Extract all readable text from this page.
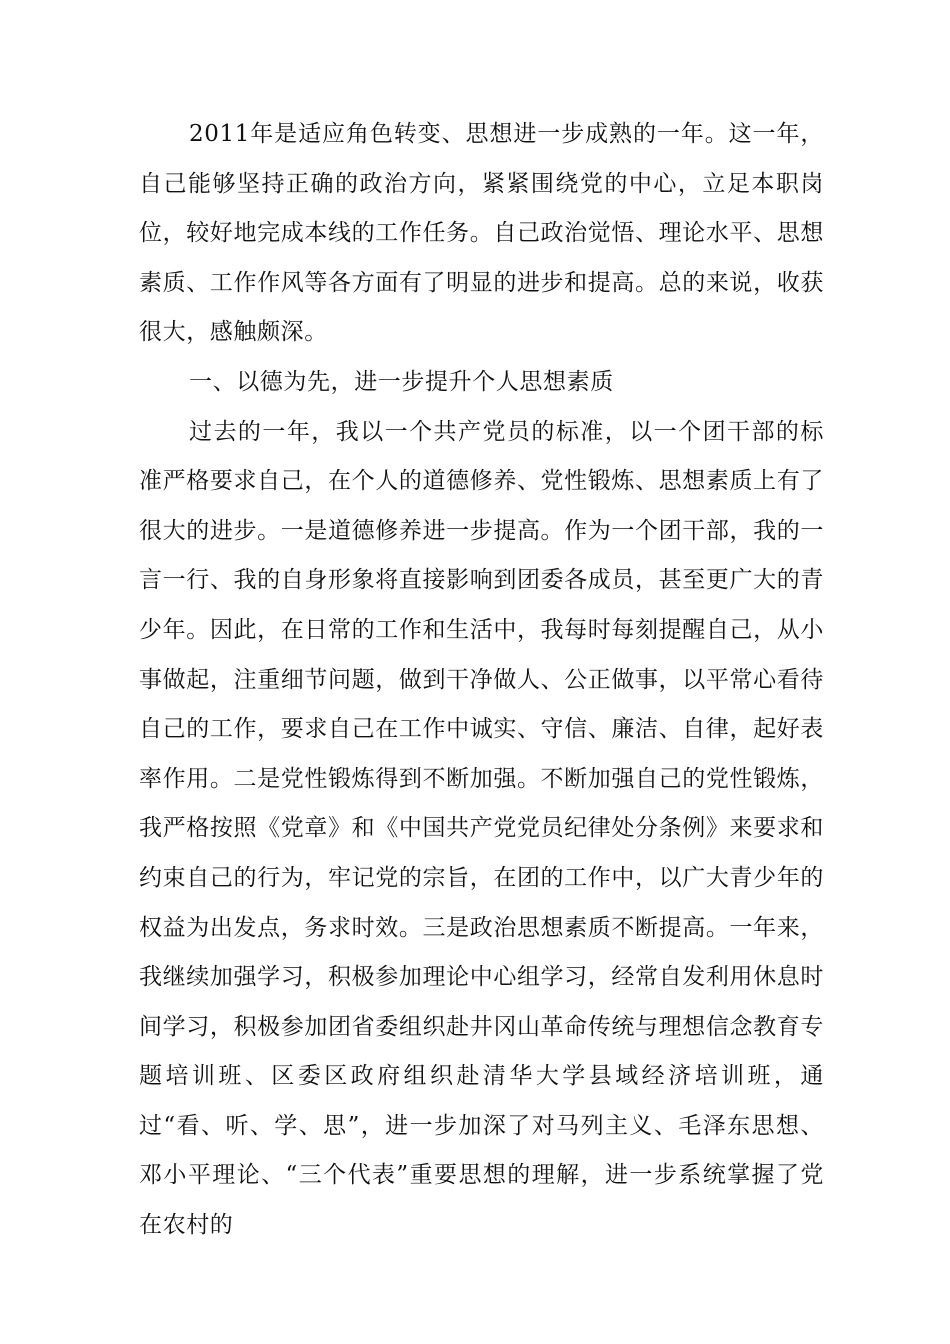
2011年是适应角色转变、思想进一步成熟的一年。这一年，自己能够坚持正确的政治方向，紧紧围绕党的中心，立足本职岗位，较好地完成本线的工作任务。自己政治觉悟、理论水平、思想素质、工作作风等各方面有了明显的进步和提高。总的来说，收获很大，感触颇深。

一、以德为先，进一步提升个人思想素质

过去的一年，我以一个共产党员的标准，以一个团干部的标准严格要求自己，在个人的道德修养、党性锻炼、思想素质上有了很大的进步。一是道德修养进一步提高。作为一个团干部，我的一言一行、我的自身形象将直接影响到团委各成员，甚至更广大的青少年。因此，在日常的工作和生活中，我每时每刻提醒自己，从小事做起，注重细节问题，做到干净做人、公正做事，以平常心看待自己的工作，要求自己在工作中诚实、守信、廉洁、自律，起好表率作用。二是党性锻炼得到不断加强。不断加强自己的党性锻炼，我严格按照《党章》和《中国共产党党员纪律处分条例》来要求和约束自己的行为，牢记党的宗旨，在团的工作中，以广大青少年的权益为出发点，务求时效。三是政治思想素质不断提高。一年来，我继续加强学习，积极参加理论中心组学习，经常自发利用休息时间学习，积极参加团省委组织赴井冈山革命传统与理想信念教育专题培训班、区委区政府组织赴清华大学县域经济培训班，通过“看、听、学、思”，进一步加深了对马列主义、毛泽东思想、邓小平理论、“三个代表”重要思想的理解，进一步系统掌握了党在农村的
